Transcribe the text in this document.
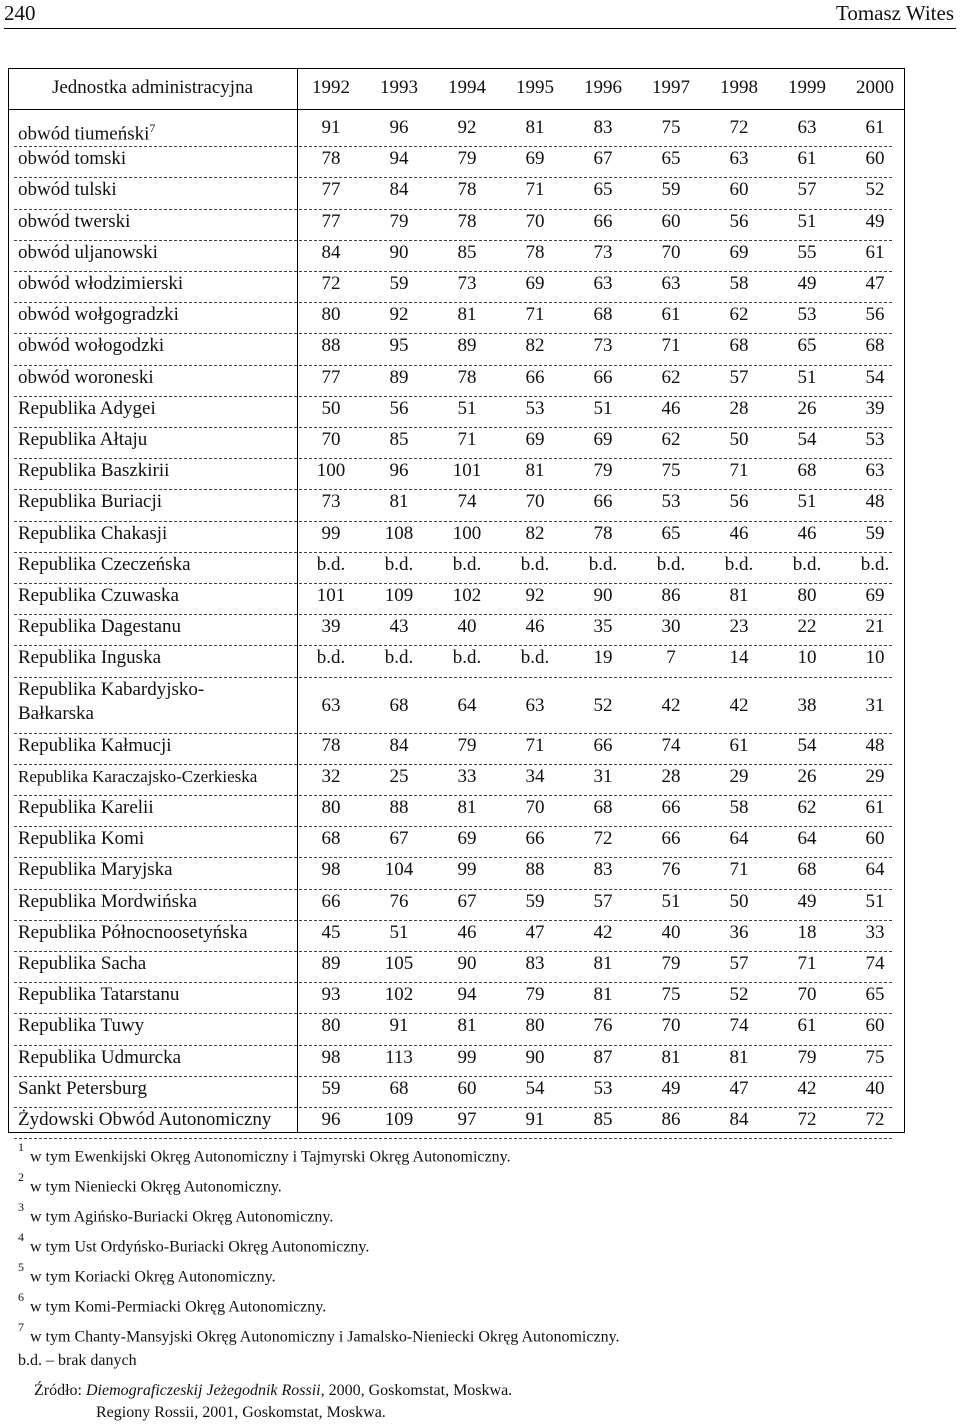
240	Tomasz Wites
Jednostka administracyjna	1992	1993	1994	1995	1996	1997	1998	1999	2000
obwód tiumeński$^7$	91	96	92	81	83	75	72	63	61
obwód tomski	78	94	79	69	67	65	63	61	60
obwód tulski	77	84	78	71	65	59	60	57	52
obwód twerski	77	79	78	70	66	60	56	51	49
obwód uljanowski	84	90	85	78	73	70	69	55	61
obwód włodzimierski	72	59	73	69	63	63	58	49	47
obwód wołgogradzki	80	92	81	71	68	61	62	53	56
obwód wołogodzki	88	95	89	82	73	71	68	65	68
obwód woroneski	77	89	78	66	66	62	57	51	54
Republika Adygei	50	56	51	53	51	46	28	26	39
Republika Ałtaju	70	85	71	69	69	62	50	54	53
Republika Baszkirii	100	96	101	81	79	75	71	68	63
Republika Buriacji	73	81	74	70	66	53	56	51	48
Republika Chakasji	99	108	100	82	78	65	46	46	59
Republika Czeczeńska	b.d.	b.d.	b.d.	b.d.	b.d.	b.d.	b.d.	b.d.	b.d.
Republika Czuwaska	101	109	102	92	90	86	81	80	69
Republika Dagestanu	39	43	40	46	35	30	23	22	21
Republika Inguska	b.d.	b.d.	b.d.	b.d.	19	7	14	10	10
Republika Kabardyjsko-
Bałkarska	63	68	64	63	52	42	42	38	31
Republika Kałmucji	78	84	79	71	66	74	61	54	48
Republika Karaczajsko-Czerkieska	32	25	33	34	31	28	29	26	29
Republika Karelii	80	88	81	70	68	66	58	62	61
Republika Komi	68	67	69	66	72	66	64	64	60
Republika Maryjska	98	104	99	88	83	76	71	68	64
Republika Mordwińska	66	76	67	59	57	51	50	49	51
Republika Północnoosetyńska	45	51	46	47	42	40	36	18	33
Republika Sacha	89	105	90	83	81	79	57	71	74
Republika Tatarstanu	93	102	94	79	81	75	52	70	65
Republika Tuwy	80	91	81	80	76	70	74	61	60
Republika Udmurcka	98	113	99	90	87	81	81	79	75
Sankt Petersburg	59	68	60	54	53	49	47	42	40
Żydowski Obwód Autonomiczny	96	109	97	91	85	86	84	72	72
$^1$w tym Ewenkijski Okręg Autonomiczny i Tajmyrski Okręg Autonomiczny.
$^2$w tym Nieniecki Okręg Autonomiczny.
$^3$w tym Agińsko-Buriacki Okręg Autonomiczny.
$^4$w tym Ust Ordyńsko-Buriacki Okręg Autonomiczny.
$^5$w tym Koriacki Okręg Autonomiczny.
$^6$w tym Komi-Permiacki Okręg Autonomiczny.
$^7$w tym Chanty-Mansyjski Okręg Autonomiczny i Jamalsko-Nieniecki Okręg Autonomiczny.
b.d. – brak danych
Źródło: Diemograficzeskij Jeżegodnik Rossii, 2000, Goskomstat, Moskwa.
Regiony Rossii, 2001, Goskomstat, Moskwa.
